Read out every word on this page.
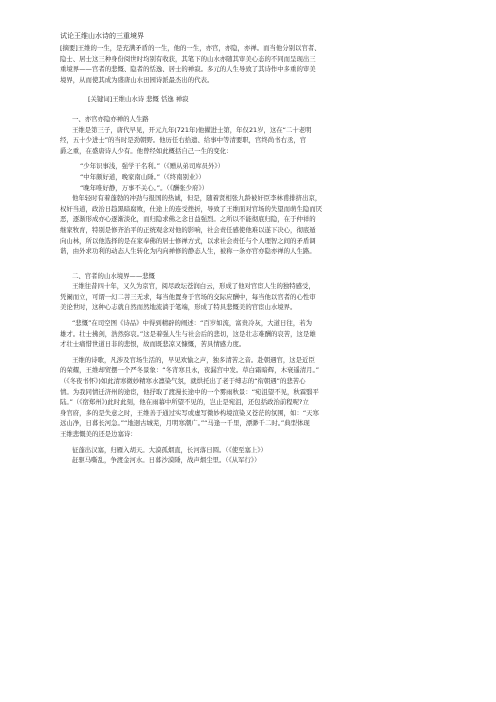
试论王维山水诗的三重境界
[摘要]王维的一生，是充满矛盾的一生，他的一生，亦官，亦隐，亦禅。而当他分别以官者、
隐士、居士这三种身份阅世时均别有收获，其笔下的山水亦随其审美心态的不同而呈现出三
重境界——官者的悲慨、隐者的恬逸、居士的禅寂。多元的人生导致了其诗作中多重的审美
境界，从而使其成为盛唐山水田园诗派最杰出的代表。
[关键词]王维山水诗 悲慨 恬逸 禅寂
一、亦官亦隐亦禅的人生路
王维是第三子，唐代早见，开元九年(721年)他擢进士第，年仅21岁，这在“二十老明
经，五十少进士”的当时是劲朝野。他历任右拾遗、给事中等清要职，官终尚书右丞，官
爵之重，在盛唐诗人少有。他曾经如此概括自己一生的变化：
“少年识事浅，强学干名利。”（《赠从弟司库员外》）
“中年颇好道，晚家南山陲。”（《终南别业》）
“晚年唯好静，万事不关心。”。（《酬张少府》）
他年轻时有着蓬勃的冲劲与报国的热诚，但是，随着贤相张九龄被奸臣李林甫排挤出京，
权奸当道，政治日趋黑暗腐败，仕途上的连受挫折，导致了王维面对官场的失望而萌生隐而厌
恶，逐渐形成亦心逐渐淡化，而归隐求佛之念日益强烈。之所以不能彻底归隐，在于仲祥的
继家牧育，特别是修齐治平的正统观念对他的影响，社会责任感使他难以遂下决心，彻底遁
向山林，所以他选择的是在家奉佛的居士修禅方式，以求社会责任与个人理智之间的矛盾调
谐，由外求功利的动态人生转化为内向禅修的静态人生，被称一条亦官亦隐亦禅的人生路。
二、官者的山水境界——悲慨
王维往昔四十年，又久为京官，阅尽政坛苍润白云，形成了他对官宦人生的独特感受，
凭阑而立，可谓一幻二菩三无求，每当他置身于官场的交际应酬中，每当他以官者的心性审
美论世时，这种心志就自然而然地流淌于笔端，形成了特具悲慨美的官宦山水境界。
“悲慨”在司空图《诗品》中得到精辟的阐述：“百岁如流，富贵冷灰，大道日往，若为
雄才。壮士拂剑，浩然弥哀。”这是着强人生与社会后的悲切，这是壮志难酬的哀苦，这是雄
才壮士痛惜世道日非的悲恨，故而既悲凉又慷慨，苦具情感力度。
王维的诗歌，凡涉及官场生活的，早见欢愉之声，独多清苦之音。赴朝遇官，这是近臣
的荣耀，王维却贸摆一个严冬景象：“冬宵寒且永，夜漏宫中发。草白霜暗辉，木衰遥清月。”
（《冬夜书怀》)如此清寒微妙精寒水凛染气氛，就烘托出了老于缚志的“衔朝遇”的悲苦心
情。为我同情迁济州的途宦，他抒取了渡漫长途中的一个雾雨秋景：“宛沮望不见，秋霖翳平
陆。”（《宿郑州》)此时此刻，他在雨幕中所望不见的，岂止是宛沮，还包括政治前程呢?立
身官府，多的是失意之时，王维善于通过实写或虚写微妙构境渲染又苍茫的氛围，如：“天寒
远山净，日暮长河急。”“地迥古城芜，月明寒潮广。”“马逢一千里，漂渺千二时。”典型体现
王维悲慨美的还是边塞诗：
征蓬出汉塞，归雁入胡天。大漠孤烟直，长河落日圆。（《使至塞上》）
赶驱马嘶乱，争渡金河水。日暮沙漠陲，战声烟尘里。（《从军行》）
